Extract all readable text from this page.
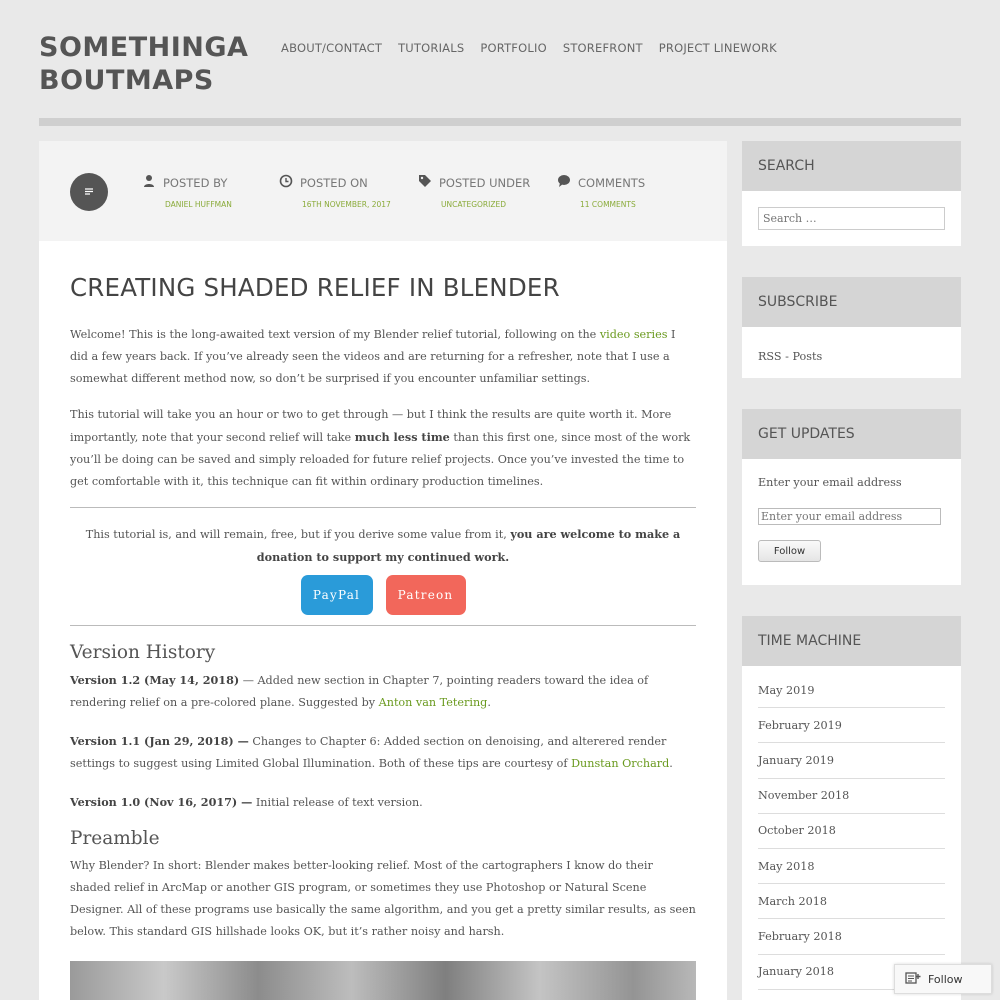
SOMETHINGABOUTMAPS
ABOUT/CONTACT TUTORIALS PORTFOLIO STOREFRONT PROJECT LINEWORK
POSTED BY
DANIEL HUFFMAN
POSTED ON
16TH NOVEMBER, 2017
POSTED UNDER
UNCATEGORIZED
COMMENTS
11 COMMENTS
CREATING SHADED RELIEF IN BLENDER

Welcome! This is the long-awaited text version of my Blender relief tutorial, following on the video series I did a few years back. If you’ve already seen the videos and are returning for a refresher, note that I use a somewhat different method now, so don’t be surprised if you encounter unfamiliar settings.

This tutorial will take you an hour or two to get through — but I think the results are quite worth it. More importantly, note that your second relief will take much less time than this first one, since most of the work you’ll be doing can be saved and simply reloaded for future relief projects. Once you’ve invested the time to get comfortable with it, this technique can fit within ordinary production timelines.

This tutorial is, and will remain, free, but if you derive some value from it, you are welcome to make a donation to support my continued work.

PayPal	Patreon
Version History

Version 1.2 (May 14, 2018) — Added new section in Chapter 7, pointing readers toward the idea of rendering relief on a pre-colored plane. Suggested by Anton van Tetering.

Version 1.1 (Jan 29, 2018) — Changes to Chapter 6: Added section on denoising, and alterered render settings to suggest using Limited Global Illumination. Both of these tips are courtesy of Dunstan Orchard.

Version 1.0 (Nov 16, 2017) — Initial release of text version.

Preamble

Why Blender? In short: Blender makes better-looking relief. Most of the cartographers I know do their shaded relief in ArcMap or another GIS program, or sometimes they use Photoshop or Natural Scene Designer. All of these programs use basically the same algorithm, and you get a pretty similar results, as seen below. This standard GIS hillshade looks OK, but it’s rather noisy and harsh.

SEARCH
Search …
SUBSCRIBE
RSS - Posts
GET UPDATES
Enter your email address
Enter your email address
Follow
TIME MACHINE
May 2019
February 2019
January 2019
November 2018
October 2018
May 2018
March 2018
February 2018
January 2018
Follow
